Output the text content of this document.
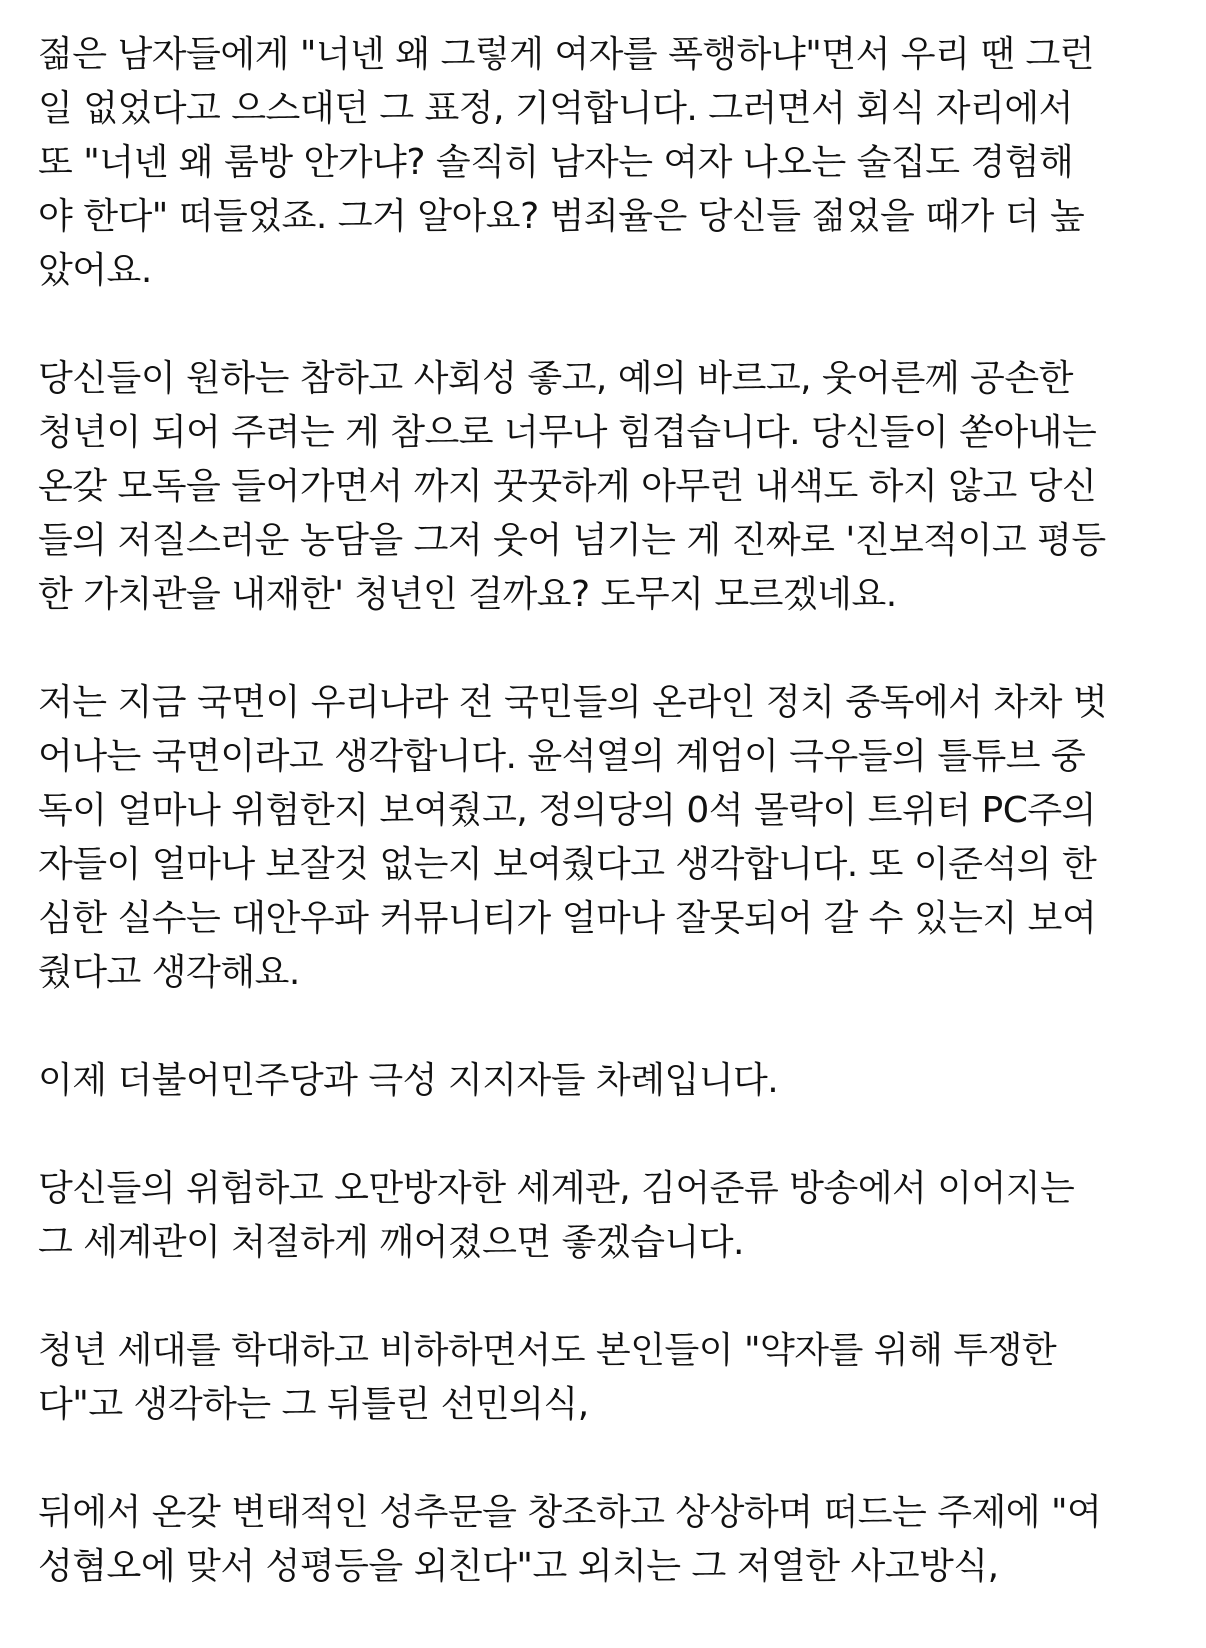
젊은 남자들에게 "너넨 왜 그렇게 여자를 폭행하냐"면서 우리 땐 그런
일 없었다고 으스대던 그 표정, 기억합니다. 그러면서 회식 자리에서
또 "너넨 왜 룸방 안가냐? 솔직히 남자는 여자 나오는 술집도 경험해
야 한다" 떠들었죠. 그거 알아요? 범죄율은 당신들 젊었을 때가 더 높
았어요.
당신들이 원하는 참하고 사회성 좋고, 예의 바르고, 웃어른께 공손한
청년이 되어 주려는 게 참으로 너무나 힘겹습니다. 당신들이 쏟아내는
온갖 모독을 들어가면서 까지 꿋꿋하게 아무런 내색도 하지 않고 당신
들의 저질스러운 농담을 그저 웃어 넘기는 게 진짜로 '진보적이고 평등
한 가치관을 내재한' 청년인 걸까요? 도무지 모르겠네요.
저는 지금 국면이 우리나라 전 국민들의 온라인 정치 중독에서 차차 벗
어나는 국면이라고 생각합니다. 윤석열의 계엄이 극우들의 틀튜브 중
독이 얼마나 위험한지 보여줬고, 정의당의 0석 몰락이 트위터 PC주의
자들이 얼마나 보잘것 없는지 보여줬다고 생각합니다. 또 이준석의 한
심한 실수는 대안우파 커뮤니티가 얼마나 잘못되어 갈 수 있는지 보여
줬다고 생각해요.
이제 더불어민주당과 극성 지지자들 차례입니다.
당신들의 위험하고 오만방자한 세계관, 김어준류 방송에서 이어지는
그 세계관이 처절하게 깨어졌으면 좋겠습니다.
청년 세대를 학대하고 비하하면서도 본인들이 "약자를 위해 투쟁한
다"고 생각하는 그 뒤틀린 선민의식,
뒤에서 온갖 변태적인 성추문을 창조하고 상상하며 떠드는 주제에 "여
성혐오에 맞서 성평등을 외친다"고 외치는 그 저열한 사고방식,
